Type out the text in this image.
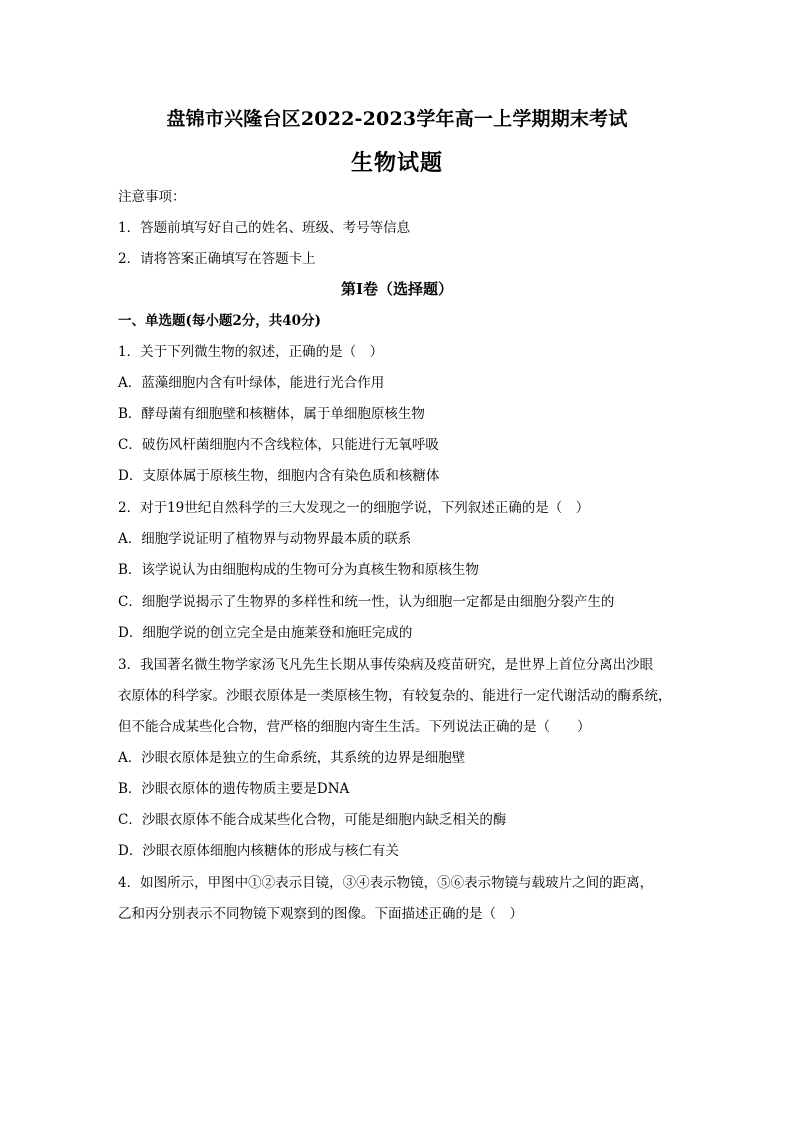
盘锦市兴隆台区2022-2023学年高一上学期期末考试
生物试题
注意事项：
1．答题前填写好自己的姓名、班级、考号等信息
2．请将答案正确填写在答题卡上
第I卷（选择题）
一、单选题(每小题2分，共40分)
1．关于下列微生物的叙述，正确的是（　）
A．蓝藻细胞内含有叶绿体，能进行光合作用
B．酵母菌有细胞壁和核糖体，属于单细胞原核生物
C．破伤风杆菌细胞内不含线粒体，只能进行无氧呼吸
D．支原体属于原核生物，细胞内含有染色质和核糖体
2．对于19世纪自然科学的三大发现之一的细胞学说，下列叙述正确的是（　）
A．细胞学说证明了植物界与动物界最本质的联系
B．该学说认为由细胞构成的生物可分为真核生物和原核生物
C．细胞学说揭示了生物界的多样性和统一性，认为细胞一定都是由细胞分裂产生的
D．细胞学说的创立完全是由施莱登和施旺完成的
3．我国著名微生物学家汤飞凡先生长期从事传染病及疫苗研究，是世界上首位分离出沙眼
衣原体的科学家。沙眼衣原体是一类原核生物，有较复杂的、能进行一定代谢活动的酶系统，
但不能合成某些化合物，营严格的细胞内寄生生活。下列说法正确的是（　　）
A．沙眼衣原体是独立的生命系统，其系统的边界是细胞壁
B．沙眼衣原体的遗传物质主要是DNA
C．沙眼衣原体不能合成某些化合物，可能是细胞内缺乏相关的酶
D．沙眼衣原体细胞内核糖体的形成与核仁有关
4．如图所示，甲图中①②表示目镜，③④表示物镜，⑤⑥表示物镜与载玻片之间的距离，
乙和丙分别表示不同物镜下观察到的图像。下面描述正确的是（　）
